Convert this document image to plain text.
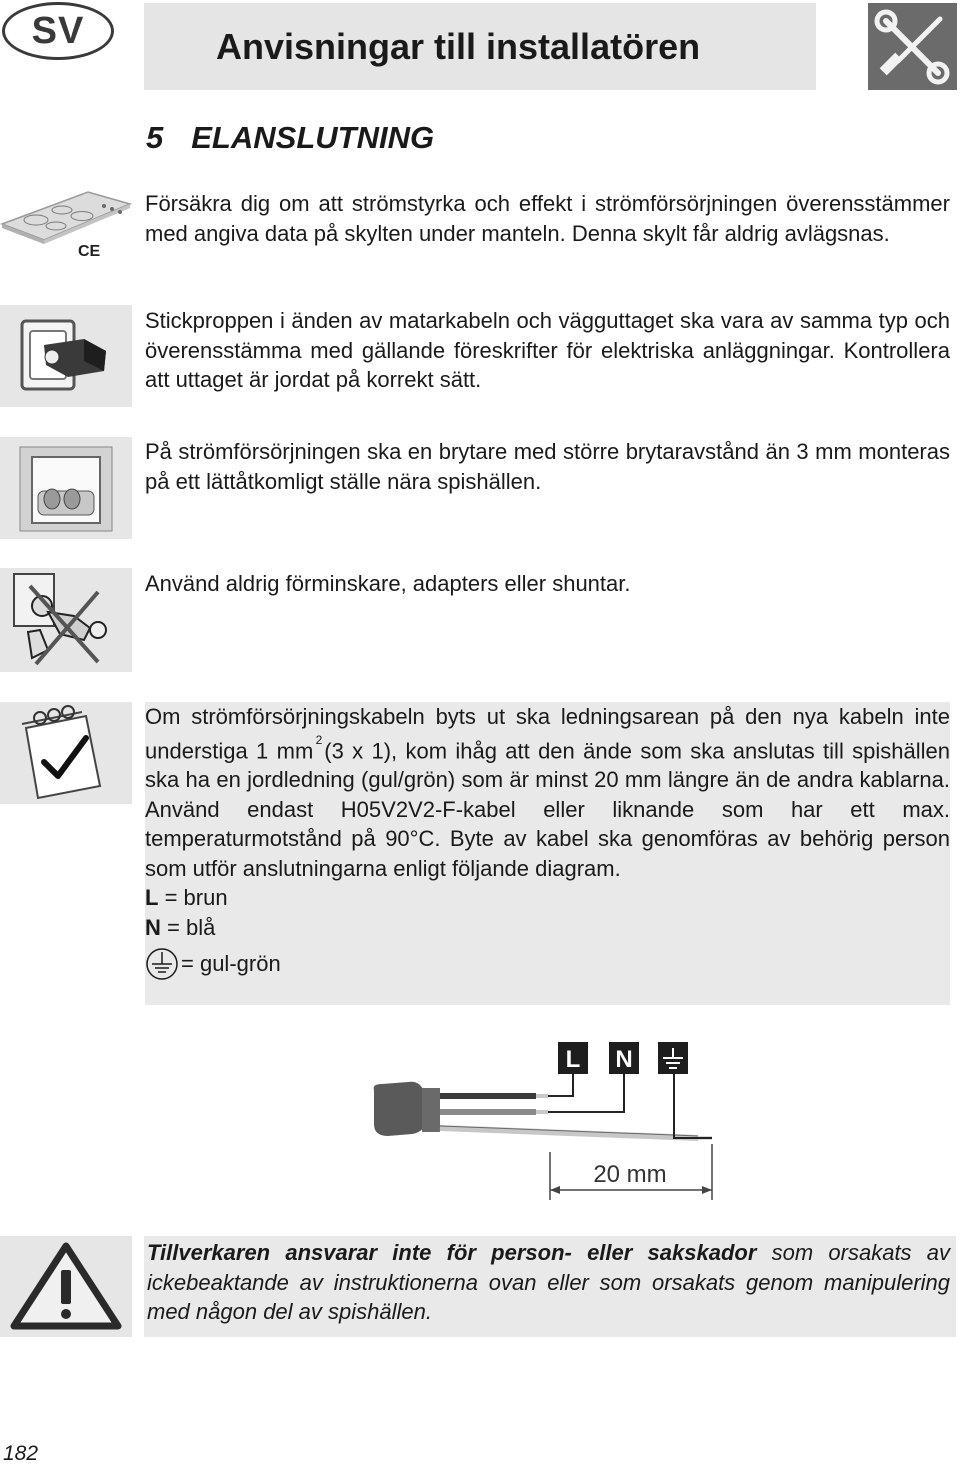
SV	Anvisningar till installatören
5 ELANSLUTNING
CE
Försäkra dig om att strömstyrka och effekt i strömförsörjningen överensstämmer med angiva data på skylten under manteln. Denna skylt får aldrig avlägsnas.
Stickproppen i änden av matarkabeln och vägguttaget ska vara av samma typ och överensstämma med gällande föreskrifter för elektriska anläggningar. Kontrollera att uttaget är jordat på korrekt sätt.
På strömförsörjningen ska en brytare med större brytaravstånd än 3 mm monteras på ett lättåtkomligt ställe nära spishällen.
Använd aldrig förminskare, adapters eller shuntar.
Om strömförsörjningskabeln byts ut ska ledningsarean på den nya kabeln inte understiga 1 mm $^2$(3 x 1), kom ihåg att den ände som ska anslutas till spishällen ska ha en jordledning (gul/grön) som är minst 20 mm längre än de andra kablarna. Använd endast H05V2V2-F-kabel eller liknande som har ett max. temperaturmotstånd på 90°C. Byte av kabel ska genomföras av behörig person som utför anslutningarna enligt följande diagram.
L = brun
N = blå
= gul-grön
L N
20 mm
Tillverkaren ansvarar inte för person- eller sakskador som orsakats av ickebeaktande av instruktionerna ovan eller som orsakats genom manipulering med någon del av spishällen.
182
